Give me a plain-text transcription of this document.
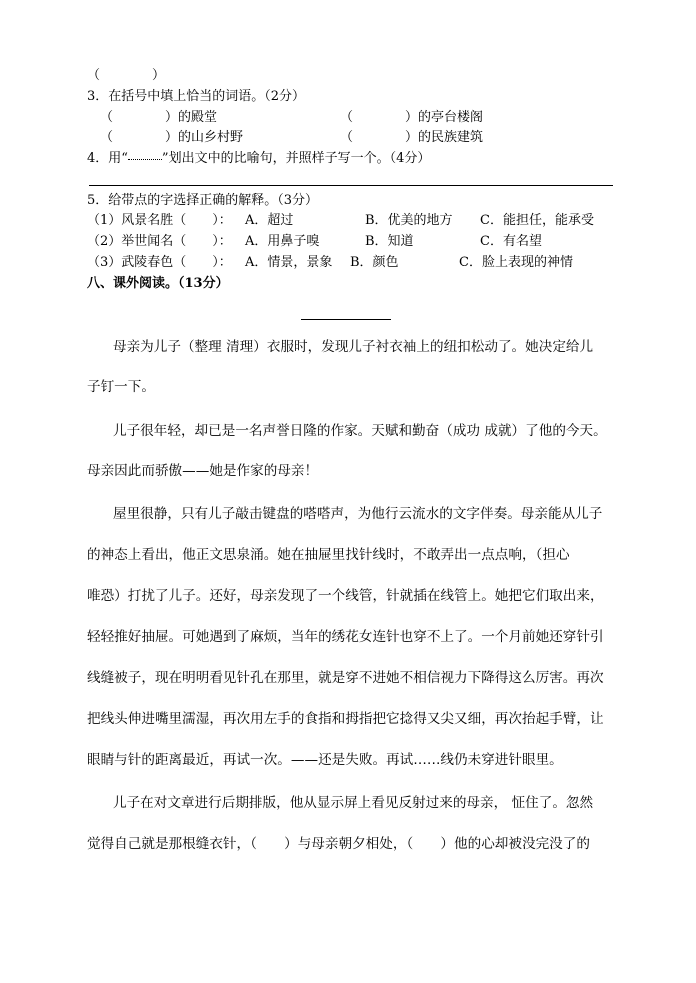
（　　　　）
3．在括号中填上恰当的词语。（2分）
（　　　　）的殿堂	（　　　　）的亭台楼阁
（　　　　）的山乡村野	（　　　　）的民族建筑
4．用“	”划出文中的比喻句，并照样子写一个。（4分）
5．给带点的字选择正确的解释。（3分）
（1）风景名胜（　　）： A．超过	B．优美的地方 C．能担任，能承受
（2）举世闻名（　　）： A．用鼻子嗅	B．知道	C．有名望
（3）武陵春色（　　）： A．情景，景象 B．颜色	C．脸上表现的神情
八、课外阅读。（13分）
母亲为儿子（整理 清理）衣服时，发现儿子衬衣袖上的纽扣松动了。她决定给儿
子钉一下。
儿子很年轻，却已是一名声誉日隆的作家。天赋和勤奋（成功 成就）了他的今天。
母亲因此而骄傲——她是作家的母亲！
屋里很静，只有儿子敲击键盘的嗒嗒声，为他行云流水的文字伴奏。母亲能从儿子
的神态上看出，他正文思泉涌。她在抽屉里找针线时，不敢弄出一点点响，（担心
唯恐）打扰了儿子。还好，母亲发现了一个线管，针就插在线管上。她把它们取出来，
轻轻推好抽屉。可她遇到了麻烦，当年的绣花女连针也穿不上了。一个月前她还穿针引
线缝被子，现在明明看见针孔在那里，就是穿不进她不相信视力下降得这么厉害。再次
把线头伸进嘴里濡湿，再次用左手的食指和拇指把它捻得又尖又细，再次抬起手臂，让
眼睛与针的距离最近，再试一次。——还是失败。再试……线仍未穿进针眼里。
儿子在对文章进行后期排版，他从显示屏上看见反射过来的母亲， 怔住了。忽然
觉得自己就是那根缝衣针，（　　）与母亲朝夕相处，（　　）他的心却被没完没了的
